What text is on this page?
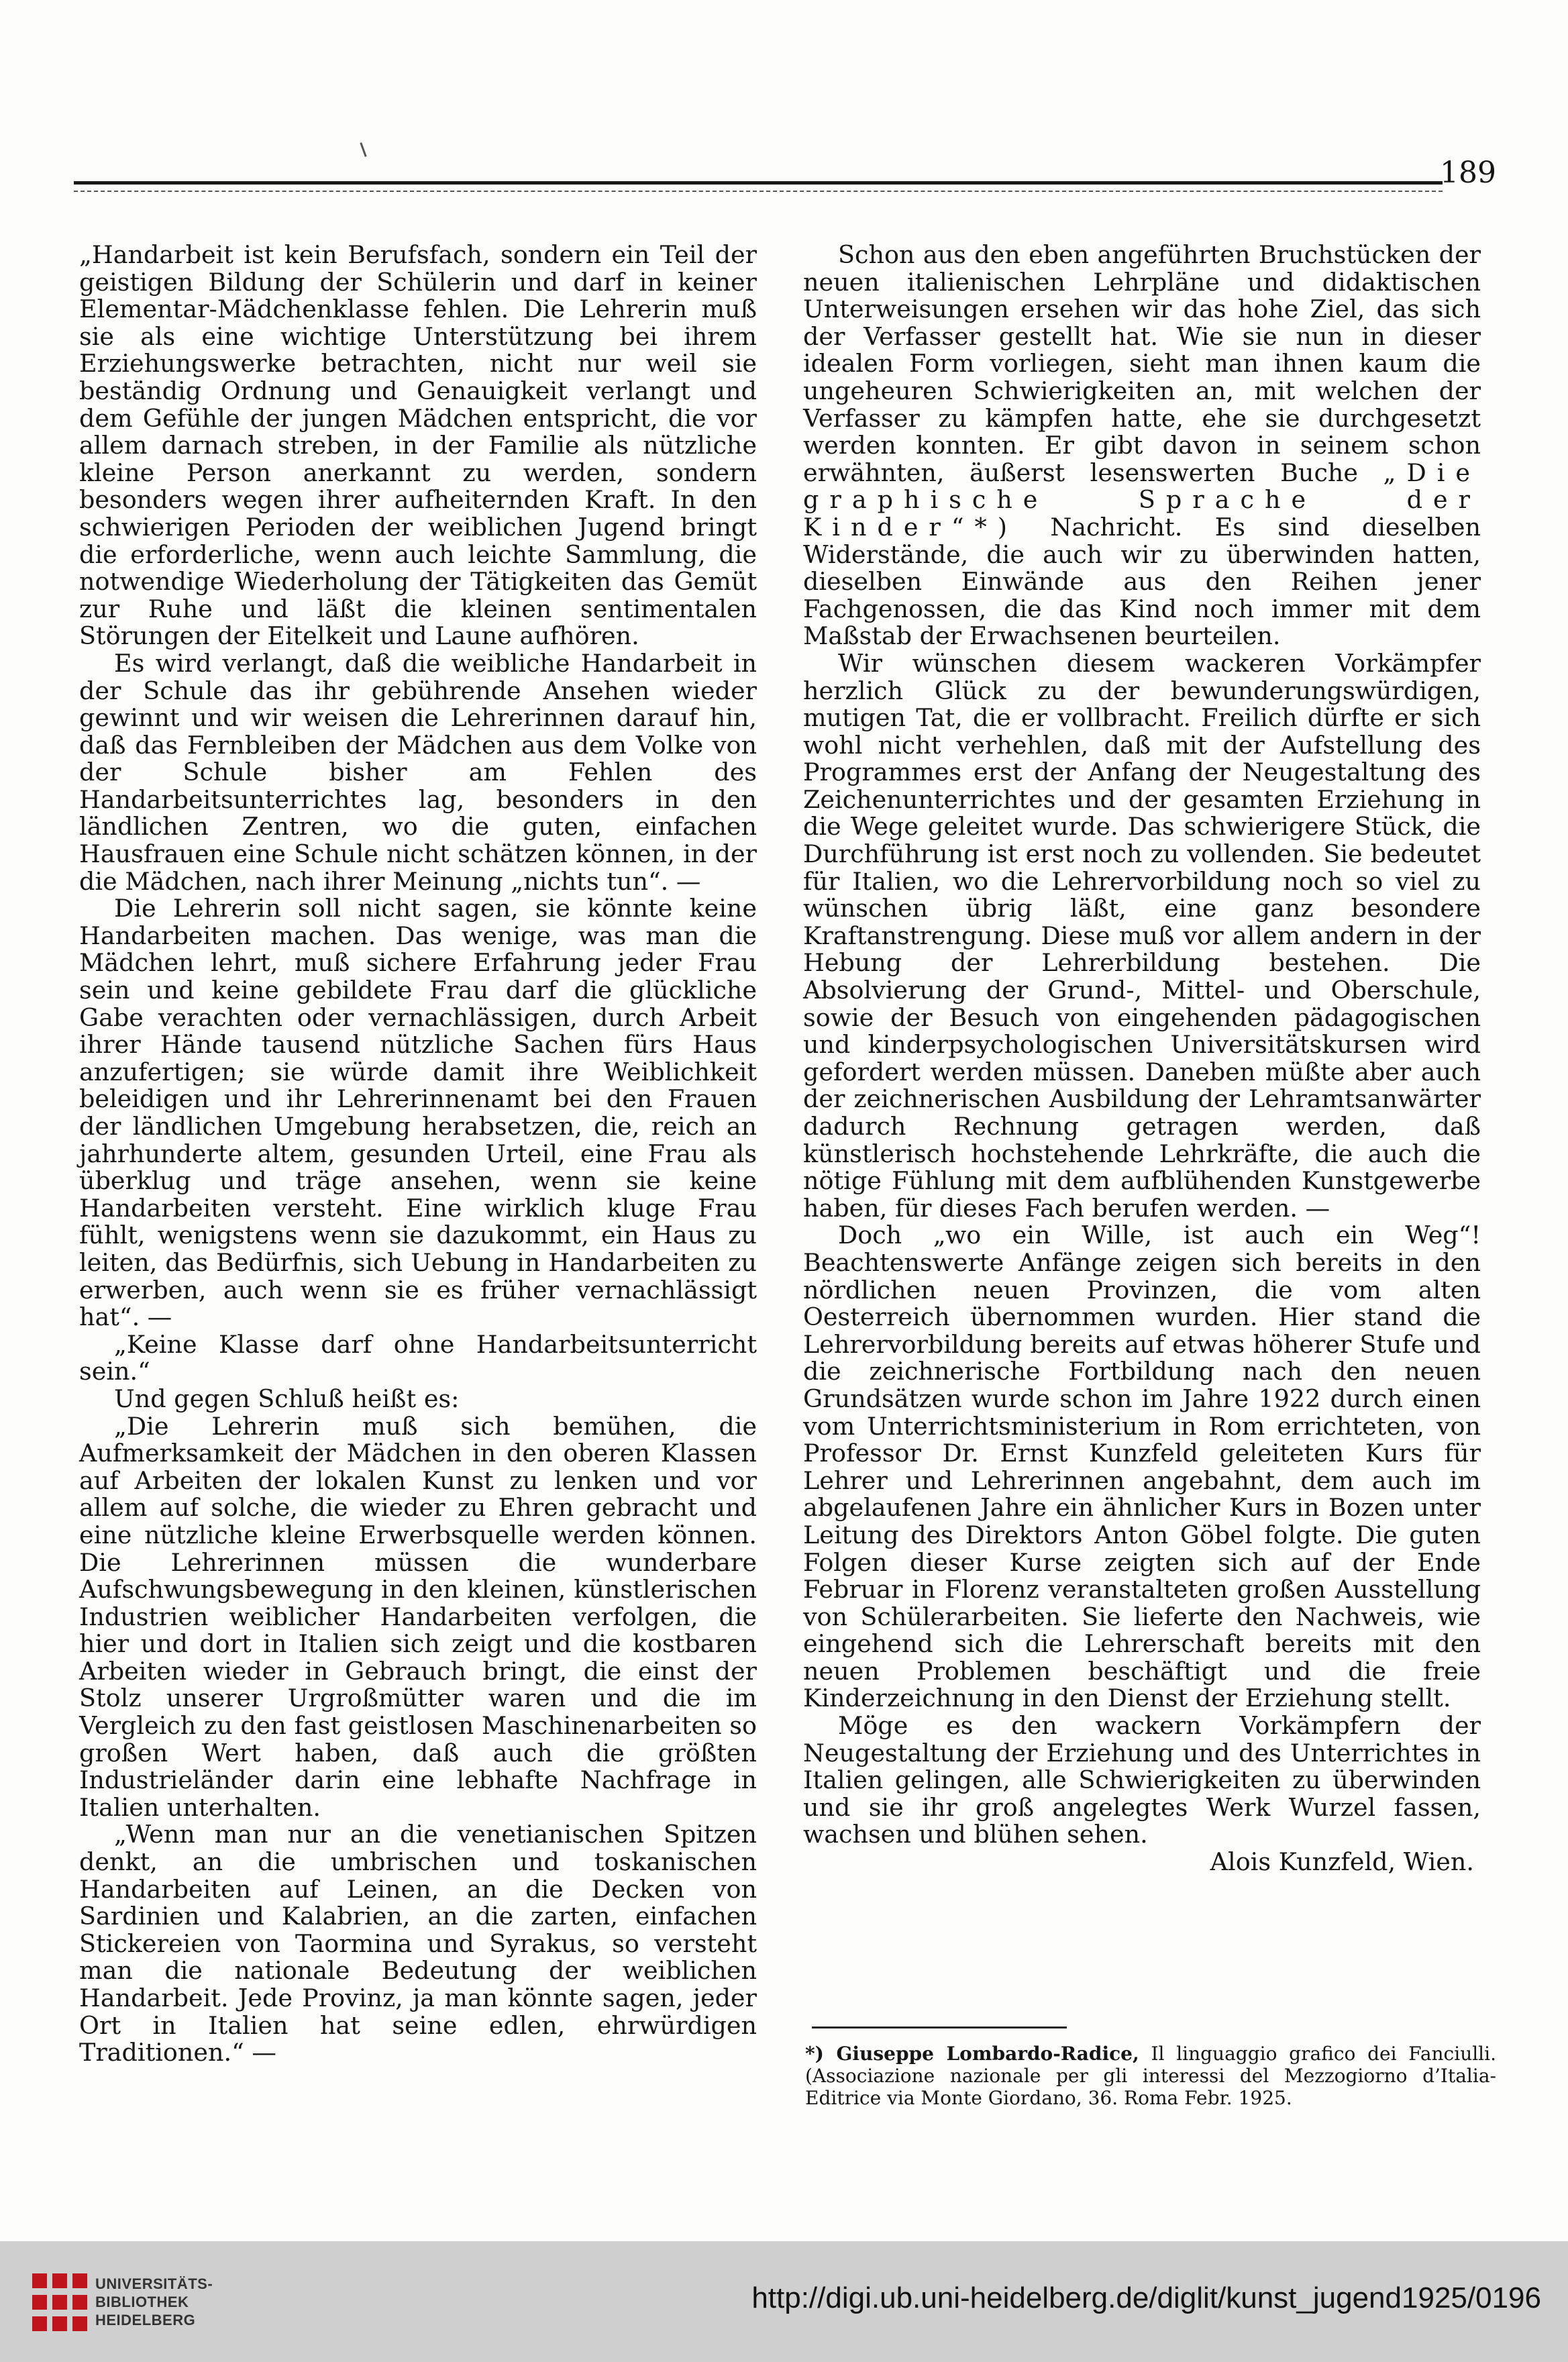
189

„Handarbeit ist kein Berufsfach, sondern ein Teil der geistigen Bildung der Schülerin und darf in keiner Elementar-Mädchenklasse fehlen. Die Lehrerin muß sie als eine wichtige Unterstützung bei ihrem Erziehungswerke betrachten, nicht nur weil sie beständig Ordnung und Genauigkeit verlangt und dem Gefühle der jungen Mädchen entspricht, die vor allem darnach streben, in der Familie als nützliche kleine Person anerkannt zu werden, sondern besonders wegen ihrer aufheiternden Kraft. In den schwierigen Perioden der weiblichen Jugend bringt die erforderliche, wenn auch leichte Sammlung, die notwendige Wiederholung der Tätigkeiten das Gemüt zur Ruhe und läßt die kleinen sentimentalen Störungen der Eitelkeit und Laune aufhören.

Es wird verlangt, daß die weibliche Handarbeit in der Schule das ihr gebührende Ansehen wieder gewinnt und wir weisen die Lehrerinnen darauf hin, daß das Fernbleiben der Mädchen aus dem Volke von der Schule bisher am Fehlen des Handarbeitsunterrichtes lag, besonders in den ländlichen Zentren, wo die guten, einfachen Hausfrauen eine Schule nicht schätzen können, in der die Mädchen, nach ihrer Meinung „nichts tun“. —

Die Lehrerin soll nicht sagen, sie könnte keine Handarbeiten machen. Das wenige, was man die Mädchen lehrt, muß sichere Erfahrung jeder Frau sein und keine gebildete Frau darf die glückliche Gabe verachten oder vernachlässigen, durch Arbeit ihrer Hände tausend nützliche Sachen fürs Haus anzufertigen; sie würde damit ihre Weiblichkeit beleidigen und ihr Lehrerinnenamt bei den Frauen der ländlichen Umgebung herabsetzen, die, reich an jahrhunderte altem, gesunden Urteil, eine Frau als überklug und träge ansehen, wenn sie keine Handarbeiten versteht. Eine wirklich kluge Frau fühlt, wenigstens wenn sie dazukommt, ein Haus zu leiten, das Bedürfnis, sich Uebung in Handarbeiten zu erwerben, auch wenn sie es früher vernachlässigt hat“. —

„Keine Klasse darf ohne Handarbeitsunterricht sein.“

Und gegen Schluß heißt es:

„Die Lehrerin muß sich bemühen, die Aufmerksamkeit der Mädchen in den oberen Klassen auf Arbeiten der lokalen Kunst zu lenken und vor allem auf solche, die wieder zu Ehren gebracht und eine nützliche kleine Erwerbsquelle werden können. Die Lehrerinnen müssen die wunderbare Aufschwungsbewegung in den kleinen, künstlerischen Industrien weiblicher Handarbeiten verfolgen, die hier und dort in Italien sich zeigt und die kostbaren Arbeiten wieder in Gebrauch bringt, die einst der Stolz unserer Urgroßmütter waren und die im Vergleich zu den fast geistlosen Maschinenarbeiten so großen Wert haben, daß auch die größten Industrieländer darin eine lebhafte Nachfrage in Italien unterhalten.

„Wenn man nur an die venetianischen Spitzen denkt, an die umbrischen und toskanischen Handarbeiten auf Leinen, an die Decken von Sardinien und Kalabrien, an die zarten, einfachen Stickereien von Taormina und Syrakus, so versteht man die nationale Bedeutung der weiblichen Handarbeit. Jede Provinz, ja man könnte sagen, jeder Ort in Italien hat seine edlen, ehrwürdigen Traditionen.“ —

Schon aus den eben angeführten Bruchstücken der neuen italienischen Lehrpläne und didaktischen Unterweisungen ersehen wir das hohe Ziel, das sich der Verfasser gestellt hat. Wie sie nun in dieser idealen Form vorliegen, sieht man ihnen kaum die ungeheuren Schwierigkeiten an, mit welchen der Verfasser zu kämpfen hatte, ehe sie durchgesetzt werden konnten. Er gibt davon in seinem schon erwähnten, äußerst lesenswerten Buche „Die graphische Sprache der Kinder“*) Nachricht. Es sind dieselben Widerstände, die auch wir zu überwinden hatten, dieselben Einwände aus den Reihen jener Fachgenossen, die das Kind noch immer mit dem Maßstab der Erwachsenen beurteilen.

Wir wünschen diesem wackeren Vorkämpfer herzlich Glück zu der bewunderungswürdigen, mutigen Tat, die er vollbracht. Freilich dürfte er sich wohl nicht verhehlen, daß mit der Aufstellung des Programmes erst der Anfang der Neugestaltung des Zeichenunterrichtes und der gesamten Erziehung in die Wege geleitet wurde. Das schwierigere Stück, die Durchführung ist erst noch zu vollenden. Sie bedeutet für Italien, wo die Lehrervorbildung noch so viel zu wünschen übrig läßt, eine ganz besondere Kraftanstrengung. Diese muß vor allem andern in der Hebung der Lehrerbildung bestehen. Die Absolvierung der Grund-, Mittel- und Oberschule, sowie der Besuch von eingehenden pädagogischen und kinderpsychologischen Universitätskursen wird gefordert werden müssen. Daneben müßte aber auch der zeichnerischen Ausbildung der Lehramtsanwärter dadurch Rechnung getragen werden, daß künstlerisch hochstehende Lehrkräfte, die auch die nötige Fühlung mit dem aufblühenden Kunstgewerbe haben, für dieses Fach berufen werden. —

Doch „wo ein Wille, ist auch ein Weg“! Beachtenswerte Anfänge zeigen sich bereits in den nördlichen neuen Provinzen, die vom alten Oesterreich übernommen wurden. Hier stand die Lehrervorbildung bereits auf etwas höherer Stufe und die zeichnerische Fortbildung nach den neuen Grundsätzen wurde schon im Jahre 1922 durch einen vom Unterrichtsministerium in Rom errichteten, von Professor Dr. Ernst Kunzfeld geleiteten Kurs für Lehrer und Lehrerinnen angebahnt, dem auch im abgelaufenen Jahre ein ähnlicher Kurs in Bozen unter Leitung des Direktors Anton Göbel folgte. Die guten Folgen dieser Kurse zeigten sich auf der Ende Februar in Florenz veranstalteten großen Ausstellung von Schülerarbeiten. Sie lieferte den Nachweis, wie eingehend sich die Lehrerschaft bereits mit den neuen Problemen beschäftigt und die freie Kinderzeichnung in den Dienst der Erziehung stellt.

Möge es den wackern Vorkämpfern der Neugestaltung der Erziehung und des Unterrichtes in Italien gelingen, alle Schwierigkeiten zu überwinden und sie ihr groß angelegtes Werk Wurzel fassen, wachsen und blühen sehen.

Alois Kunzfeld, Wien.

*) Giuseppe Lombardo-Radice, Il linguaggio grafico dei Fanciulli. (Associazione nazionale per gli interessi del Mezzogiorno d’Italia-Editrice via Monte Giordano, 36. Roma Febr. 1925.
UNIVERSITÄTS-
BIBLIOTHEK
HEIDELBERG
http://digi.ub.uni-heidelberg.de/diglit/kunst_jugend1925/0196
